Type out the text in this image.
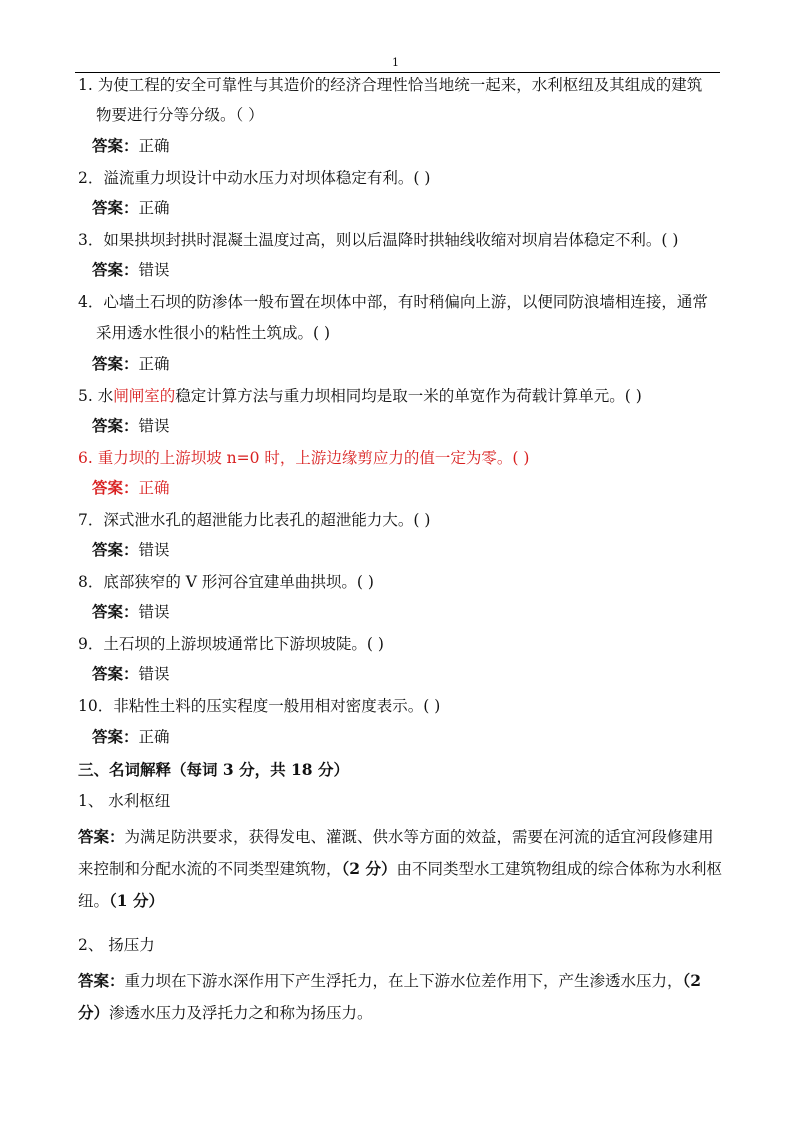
1
1. 为使工程的安全可靠性与其造价的经济合理性恰当地统一起来，水利枢纽及其组成的建筑
物要进行分等分级。（ ）
答案：正确
2．溢流重力坝设计中动水压力对坝体稳定有利。( )
答案：正确
3．如果拱坝封拱时混凝土温度过高，则以后温降时拱轴线收缩对坝肩岩体稳定不利。( )
答案：错误
4．心墙土石坝的防渗体一般布置在坝体中部，有时稍偏向上游，以便同防浪墙相连接，通常
采用透水性很小的粘性土筑成。( )
答案：正确
5. 水闸闸室的稳定计算方法与重力坝相同均是取一米的单宽作为荷载计算单元。( )
答案：错误
6. 重力坝的上游坝坡 n=0 时，上游边缘剪应力的值一定为零。( )
答案：正确
7．深式泄水孔的超泄能力比表孔的超泄能力大。( )
答案：错误
8．底部狭窄的 V 形河谷宜建单曲拱坝。( )
答案：错误
9．土石坝的上游坝坡通常比下游坝坡陡。( )
答案：错误
10．非粘性土料的压实程度一般用相对密度表示。( )
答案：正确
三、名词解释（每词 3 分，共 18 分）
1、 水利枢纽
答案：为满足防洪要求，获得发电、灌溉、供水等方面的效益，需要在河流的适宜河段修建用来控制和分配水流的不同类型建筑物，（2 分）由不同类型水工建筑物组成的综合体称为水利枢纽。（1 分）
2、 扬压力
答案：重力坝在下游水深作用下产生浮托力，在上下游水位差作用下，产生渗透水压力，（2 分）渗透水压力及浮托力之和称为扬压力。
